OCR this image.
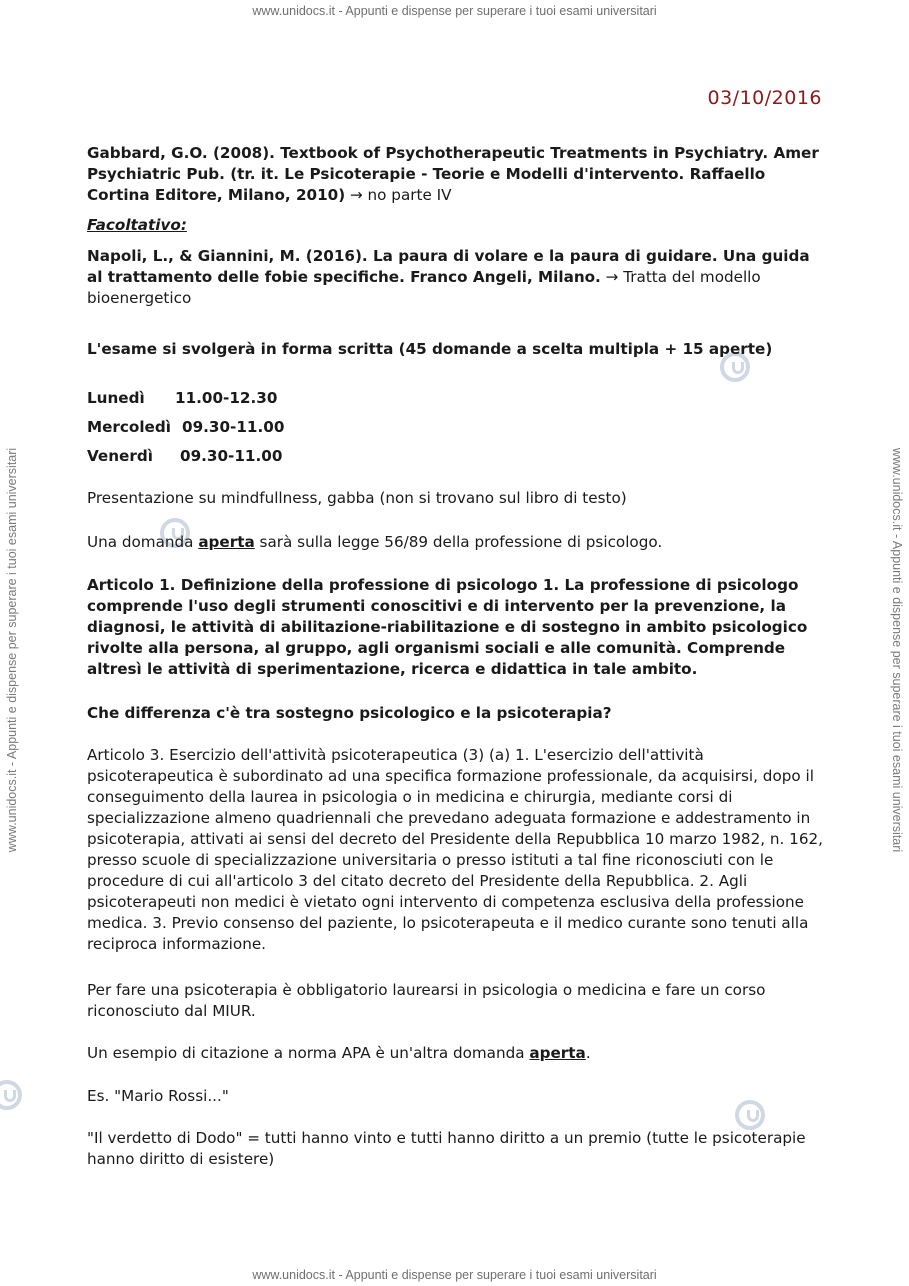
www.unidocs.it - Appunti e dispense per superare i tuoi esami universitari
www.unidocs.it - Appunti e dispense per superare i tuoi esami universitari
www.unidocs.it - Appunti e dispense per superare i tuoi esami universitari	www.unidocs.it - Appunti e dispense per superare i tuoi esami universitari
03/10/2016

Gabbard, G.O. (2008). Textbook of Psychotherapeutic Treatments in Psychiatry. Amer Psychiatric Pub. (tr. it. Le Psicoterapie - Teorie e Modelli d'intervento. Raffaello Cortina Editore, Milano, 2010) → no parte IV

Facoltativo:

Napoli, L., & Giannini, M. (2016). La paura di volare e la paura di guidare. Una guida al trattamento delle fobie specifiche. Franco Angeli, Milano. → Tratta del modello bioenergetico

L'esame si svolgerà in forma scritta (45 domande a scelta multipla + 15 aperte)

Lunedì 11.00-12.30
Mercoledì 09.30-11.00
Venerdì 09.30-11.00

Presentazione su mindfullness, gabba (non si trovano sul libro di testo)

Una domanda aperta sarà sulla legge 56/89 della professione di psicologo.

Articolo 1. Definizione della professione di psicologo 1. La professione di psicologo comprende l'uso degli strumenti conoscitivi e di intervento per la prevenzione, la diagnosi, le attività di abilitazione-riabilitazione e di sostegno in ambito psicologico rivolte alla persona, al gruppo, agli organismi sociali e alle comunità. Comprende altresì le attività di sperimentazione, ricerca e didattica in tale ambito.

Che differenza c'è tra sostegno psicologico e la psicoterapia?

Articolo 3. Esercizio dell'attività psicoterapeutica (3) (a) 1. L'esercizio dell'attività psicoterapeutica è subordinato ad una specifica formazione professionale, da acquisirsi, dopo il conseguimento della laurea in psicologia o in medicina e chirurgia, mediante corsi di specializzazione almeno quadriennali che prevedano adeguata formazione e addestramento in psicoterapia, attivati ai sensi del decreto del Presidente della Repubblica 10 marzo 1982, n. 162, presso scuole di specializzazione universitaria o presso istituti a tal fine riconosciuti con le procedure di cui all'articolo 3 del citato decreto del Presidente della Repubblica. 2. Agli psicoterapeuti non medici è vietato ogni intervento di competenza esclusiva della professione medica. 3. Previo consenso del paziente, lo psicoterapeuta e il medico curante sono tenuti alla reciproca informazione.

Per fare una psicoterapia è obbligatorio laurearsi in psicologia o medicina e fare un corso riconosciuto dal MIUR.

Un esempio di citazione a norma APA è un'altra domanda aperta.

Es. "Mario Rossi..."

"Il verdetto di Dodo" = tutti hanno vinto e tutti hanno diritto a un premio (tutte le psicoterapie hanno diritto di esistere)
